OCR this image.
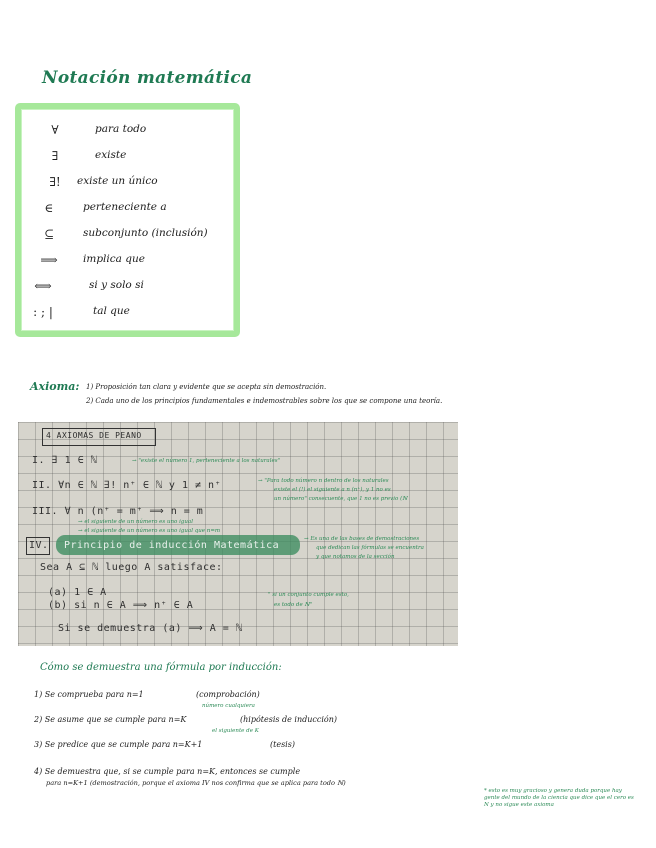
Notación matemática
∀	para todo
∃	existe
∃!	existe un único
∈	perteneciente a
⊆	subconjunto (inclusión)
⟹	implica que
⟺	si y solo si
: ; |	tal que
Axioma: 1) Proposición tan clara y evidente que se acepta sin demostración.
2) Cada uno de los principios fundamentales e indemostrables sobre los que se compone una teoría.
4 AXIOMAS DE PEANO
I. ∃ 1 ∈ ℕ	→ "existe el número 1, perteneciente a los naturales"
II. ∀n ∈ ℕ ∃! n⁺ ∈ ℕ y 1 ≠ n⁺	→ "Para todo número n dentro de los naturales
existe el (!) el siguiente a n (n⁺), y 1 no es
un número" consecuente, que 1 no es previo (ℕ
III. ∀ n (n⁺ = m⁺ ⟹ n = m
→ el siguiente de un número es uno igual
→ el siguiente de un número es uno igual que n=m
IV. Principio de inducción Matemática
→ Es una de las bases de demostraciones
que dedican las fórmulas se encuentra
y que notamos de la sección
Sea A ⊆ ℕ luego A satisface:
(a) 1 ∈ A
(b) si n ∈ A ⟹ n⁺ ∈ A
" si un conjunto cumple esto,
es todo de ℕ"
Si se demuestra (a) ⟹ A = ℕ
Cómo se demuestra una fórmula por inducción:
1) Se comprueba para n=1	(comprobación)
número cualquiera
2) Se asume que se cumple para n=K	(hipótesis de inducción)
el siguiente de K
3) Se predice que se cumple para n=K+1	(tesis)
4) Se demuestra que, si se cumple para n=K, entonces se cumple
para n=K+1 (demostración, porque el axioma IV nos confirma que se aplica para todo ℕ)
* esto es muy gracioso y genera duda porque hay gente del mundo de la ciencia que dice que el cero es N y no sigue este axioma
